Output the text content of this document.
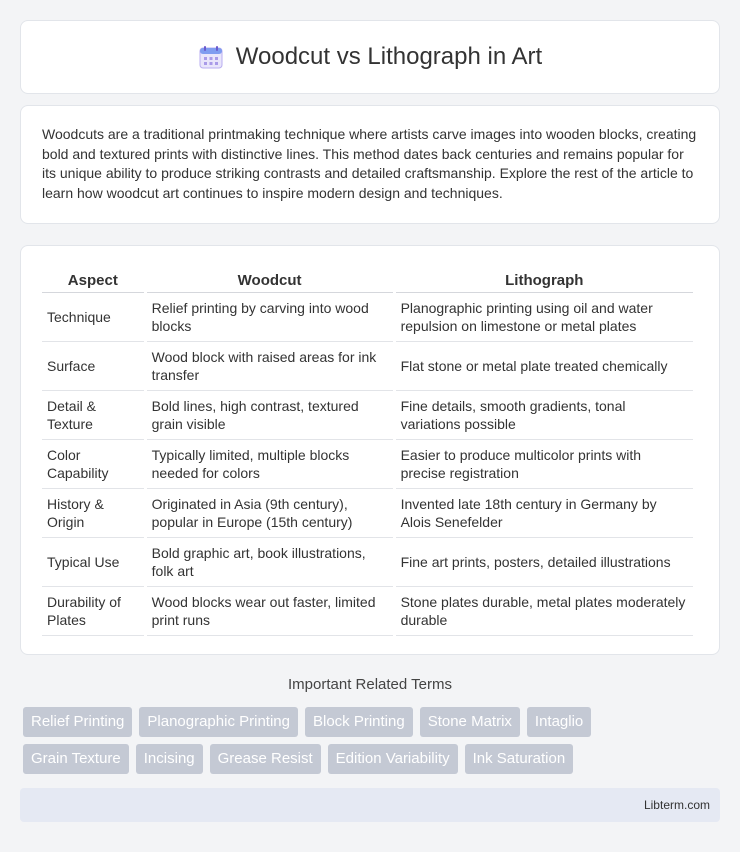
Woodcut vs Lithograph in Art

Woodcuts are a traditional printmaking technique where artists carve images into wooden blocks, creating bold and textured prints with distinctive lines. This method dates back centuries and remains popular for its unique ability to produce striking contrasts and detailed craftsmanship. Explore the rest of the article to learn how woodcut art continues to inspire modern design and techniques.

Aspect	Woodcut	Lithograph
Technique	Relief printing by carving into wood blocks	Planographic printing using oil and water repulsion on limestone or metal plates
Surface	Wood block with raised areas for ink transfer	Flat stone or metal plate treated chemically
Detail & Texture	Bold lines, high contrast, textured grain visible	Fine details, smooth gradients, tonal variations possible
Color Capability	Typically limited, multiple blocks needed for colors	Easier to produce multicolor prints with precise registration
History & Origin	Originated in Asia (9th century), popular in Europe (15th century)	Invented late 18th century in Germany by Alois Senefelder
Typical Use	Bold graphic art, book illustrations, folk art	Fine art prints, posters, detailed illustrations
Durability of Plates	Wood blocks wear out faster, limited print runs	Stone plates durable, metal plates moderately durable
Important Related Terms
Relief Printing	Planographic Printing	Block Printing	Stone Matrix	Intaglio
Grain Texture	Incising	Grease Resist	Edition Variability	Ink Saturation
Libterm.com
